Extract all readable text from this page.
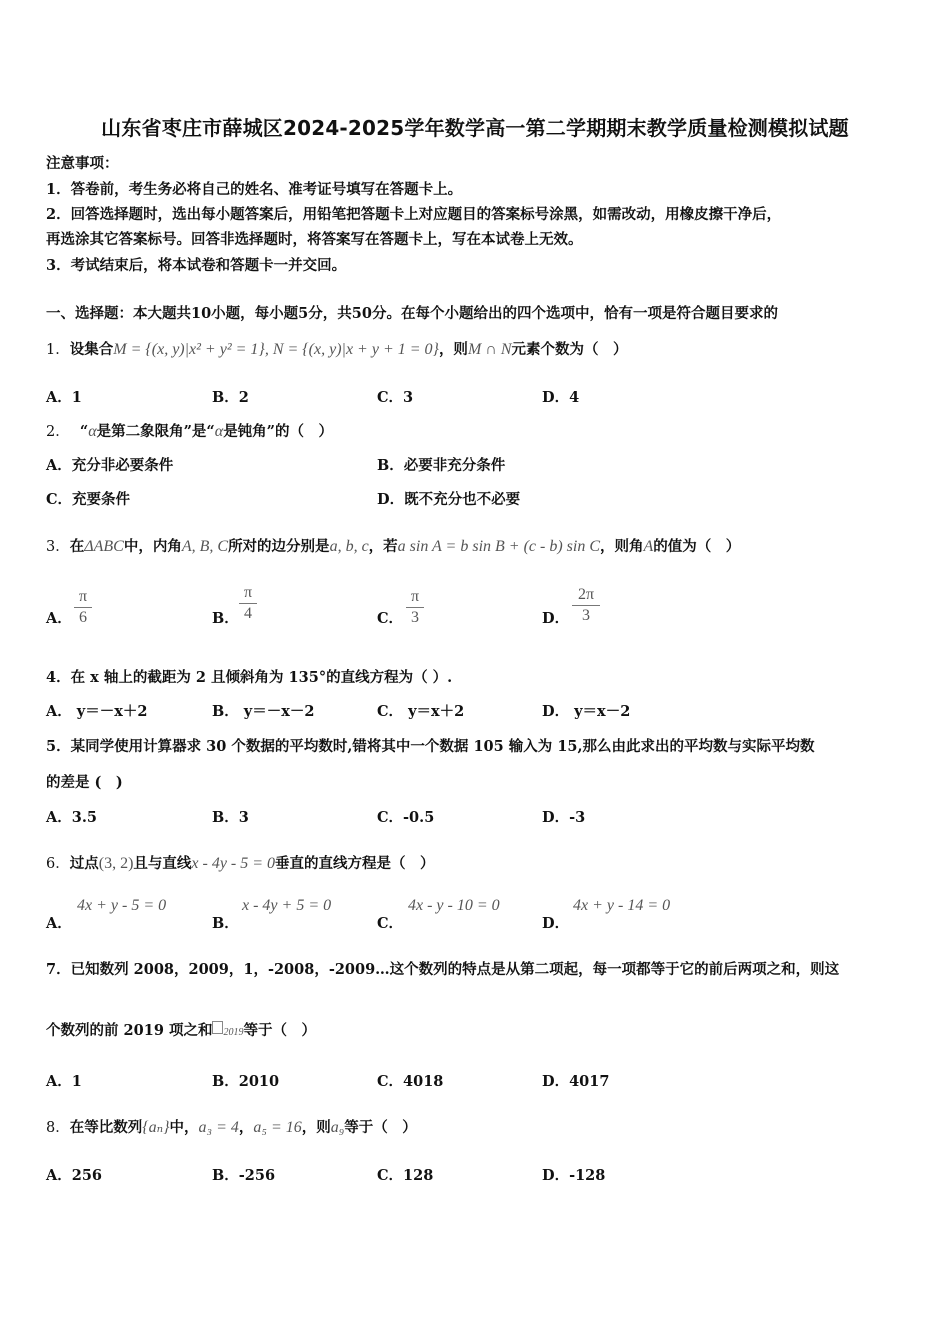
山东省枣庄市薛城区2024-2025学年数学高一第二学期期末教学质量检测模拟试题
注意事项：
1．答卷前，考生务必将自己的姓名、准考证号填写在答题卡上。
2．回答选择题时，选出每小题答案后，用铅笔把答题卡上对应题目的答案标号涂黑，如需改动，用橡皮擦干净后，
再选涂其它答案标号。回答非选择题时，将答案写在答题卡上，写在本试卷上无效。
3．考试结束后，将本试卷和答题卡一并交回。
一、选择题：本大题共10小题，每小题5分，共50分。在每个小题给出的四个选项中，恰有一项是符合题目要求的
1．设集合M = {(x, y)|x² + y² = 1}, N = {(x, y)|x + y + 1 = 0}，则M ∩ N元素个数为（　）
A．1	B．2	C．3	D．4
2． “α是第二象限角”是“α是钝角”的（　）
A．充分非必要条件	B．必要非充分条件
C．充要条件	D．既不充分也不必要
3．在ΔABC中，内角A, B, C所对的边分别是a, b, c，若a sin A = b sin B + (c - b) sin C，则角A的值为（　）
A．
π
6	B．
π
4	C．
π
3	D．
2π
3
4．在 x 轴上的截距为 2 且倾斜角为 135°的直线方程为（ ）.
A． y＝－x＋2	B． y＝－x－2	C． y＝x＋2	D． y＝x－2
5．某同学使用计算器求 30 个数据的平均数时,错将其中一个数据 105 输入为 15,那么由此求出的平均数与实际平均数
的差是 (　)
A．3.5	B．3	C．-0.5	D．-3
6．过点(3, 2)且与直线x - 4y - 5 = 0垂直的直线方程是（　）
A．
4x + y - 5 = 0
B．
x - 4y + 5 = 0
C．
4x - y - 10 = 0
D．
4x + y - 14 = 0
7．已知数列 2008，2009，1，-2008，-2009…这个数列的特点是从第二项起，每一项都等于它的前后两项之和，则这
个数列的前 2019 项之和 2019等于（　）
A．1	B．2010	C．4018	D．4017
8．在等比数列{aₙ}中，a₃ = 4，a₅ = 16，则a₉等于（　）
A．256	B．-256	C．128	D．-128
